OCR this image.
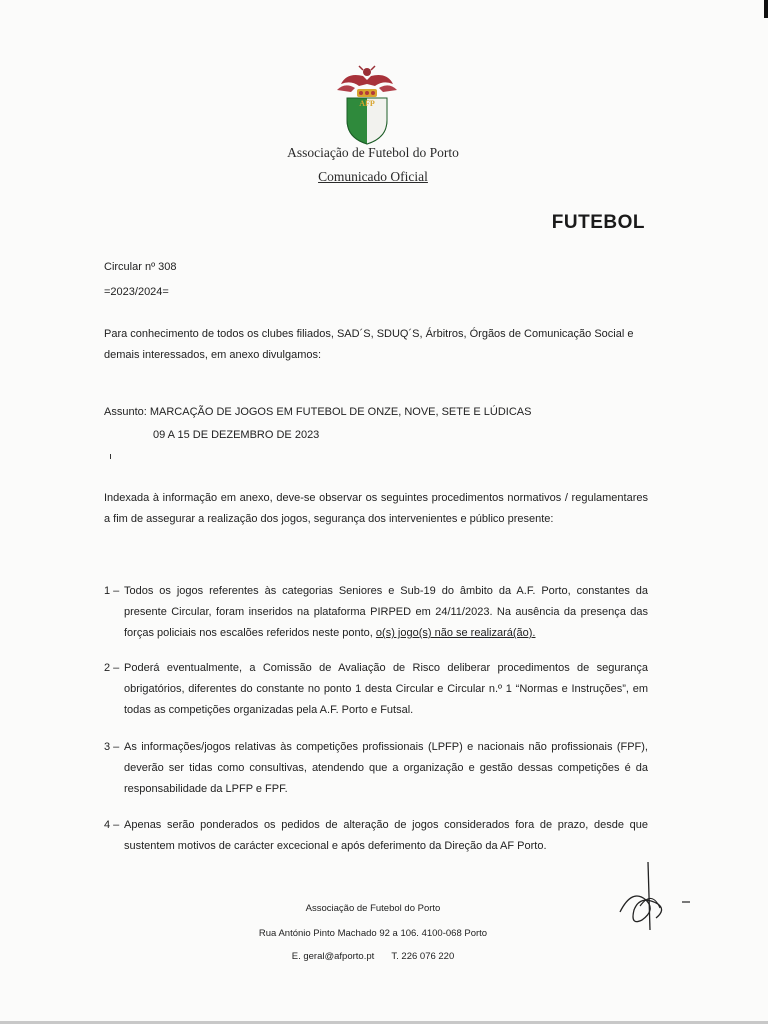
AFP
Associação de Futebol do Porto
Comunicado Oficial
FUTEBOL
Circular nº 308
=2023/2024=
Para conhecimento de todos os clubes filiados, SAD´S, SDUQ´S, Árbitros, Órgãos de Comunicação Social e demais interessados, em anexo divulgamos:
Assunto: MARCAÇÃO DE JOGOS EM FUTEBOL DE ONZE, NOVE, SETE E LÚDICAS
09 A 15 DE DEZEMBRO DE 2023
Indexada à informação em anexo, deve-se observar os seguintes procedimentos normativos / regulamentares a fim de assegurar a realização dos jogos, segurança dos intervenientes e público presente:
1 – Todos os jogos referentes às categorias Seniores e Sub-19 do âmbito da A.F. Porto, constantes da presente Circular, foram inseridos na plataforma PIRPED em 24/11/2023. Na ausência da presença das forças policiais nos escalões referidos neste ponto, o(s) jogo(s) não se realizará(ão).
2 – Poderá eventualmente, a Comissão de Avaliação de Risco deliberar procedimentos de segurança obrigatórios, diferentes do constante no ponto 1 desta Circular e Circular n.º 1 “Normas e Instruções”, em todas as competições organizadas pela A.F. Porto e Futsal.
3 – As informações/jogos relativas às competições profissionais (LPFP) e nacionais não profissionais (FPF), deverão ser tidas como consultivas, atendendo que a organização e gestão dessas competições é da responsabilidade da LPFP e FPF.
4 – Apenas serão ponderados os pedidos de alteração de jogos considerados fora de prazo, desde que sustentem motivos de carácter excecional e após deferimento da Direção da AF Porto.
Associação de Futebol do Porto
Rua António Pinto Machado 92 a 106. 4100-068 Porto
E. geral@afporto.pt T. 226 076 220
